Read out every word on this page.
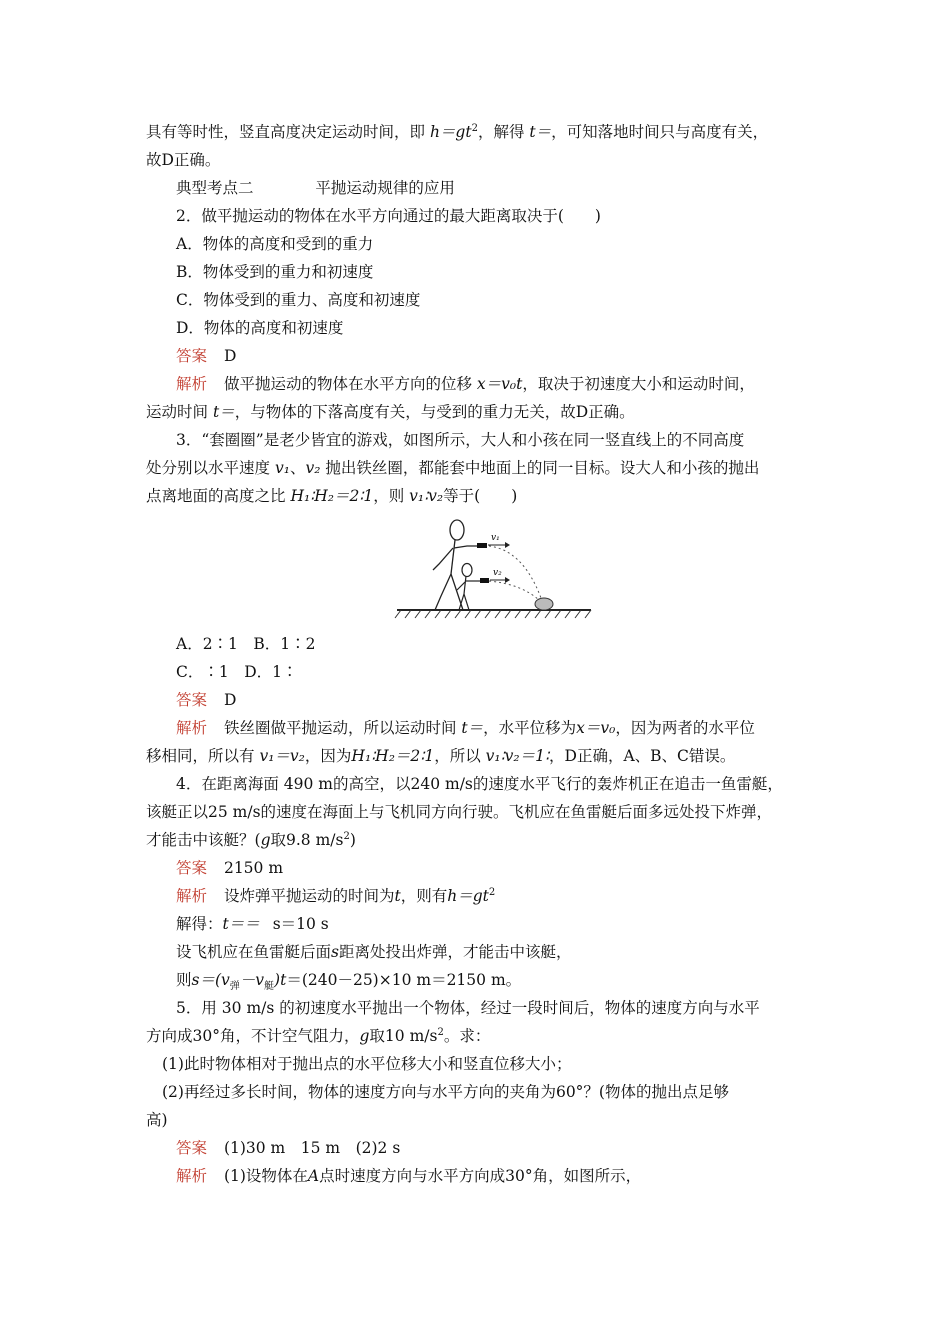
具有等时性，竖直高度决定运动时间，即 $h=gt^2$，解得 t＝，可知落地时间只与高度有关，
故D正确。
典型考点二	平抛运动规律的应用
2．做平抛运动的物体在水平方向通过的最大距离取决于(　　)
A．物体的高度和受到的重力
B．物体受到的重力和初速度
C．物体受到的重力、高度和初速度
D．物体的高度和初速度
答案 D
解析 做平抛运动的物体在水平方向的位移 x＝v₀t，取决于初速度大小和运动时间，
运动时间 t＝，与物体的下落高度有关，与受到的重力无关，故D正确。
3．“套圈圈”是老少皆宜的游戏，如图所示，大人和小孩在同一竖直线上的不同高度
处分别以水平速度 v₁、v₂ 抛出铁丝圈，都能套中地面上的同一目标。设大人和小孩的抛出
点离地面的高度之比 H₁∶H₂＝2∶1，则 v₁∶v₂等于(　　)
v₁
v₂
A．2∶1　B．1∶2
C．∶1　D．1∶
答案 D
解析 铁丝圈做平抛运动，所以运动时间 t＝，水平位移为x＝v₀，因为两者的水平位
移相同，所以有 v₁＝v₂，因为H₁∶H₂＝2∶1，所以 v₁∶v₂＝1∶，D正确，A、B、C错误。
4．在距离海面 490 m的高空，以240 m/s的速度水平飞行的轰炸机正在追击一鱼雷艇，
该艇正以25 m/s的速度在海面上与飞机同方向行驶。飞机应在鱼雷艇后面多远处投下炸弹，
才能击中该艇？(g取9.8 $m/s^2$)
答案 2150 m
解析 设炸弹平抛运动的时间为t，则有$h=gt^2$
解得：t＝＝ s＝10 s
设飞机应在鱼雷艇后面s距离处投出炸弹，才能击中该艇，
则$s=(v_弹-v_艇)t=(240-25)\times 10$ m＝2150 m。
5．用 30 m/s 的初速度水平抛出一个物体，经过一段时间后，物体的速度方向与水平
方向成30°角，不计空气阻力，g取10 $m/s^2$。求：
(1)此时物体相对于抛出点的水平位移大小和竖直位移大小；
(2)再经过多长时间，物体的速度方向与水平方向的夹角为60°？(物体的抛出点足够
高)
答案 (1)30 m　15 m　(2)2 s
解析 (1)设物体在A点时速度方向与水平方向成30°角，如图所示，
